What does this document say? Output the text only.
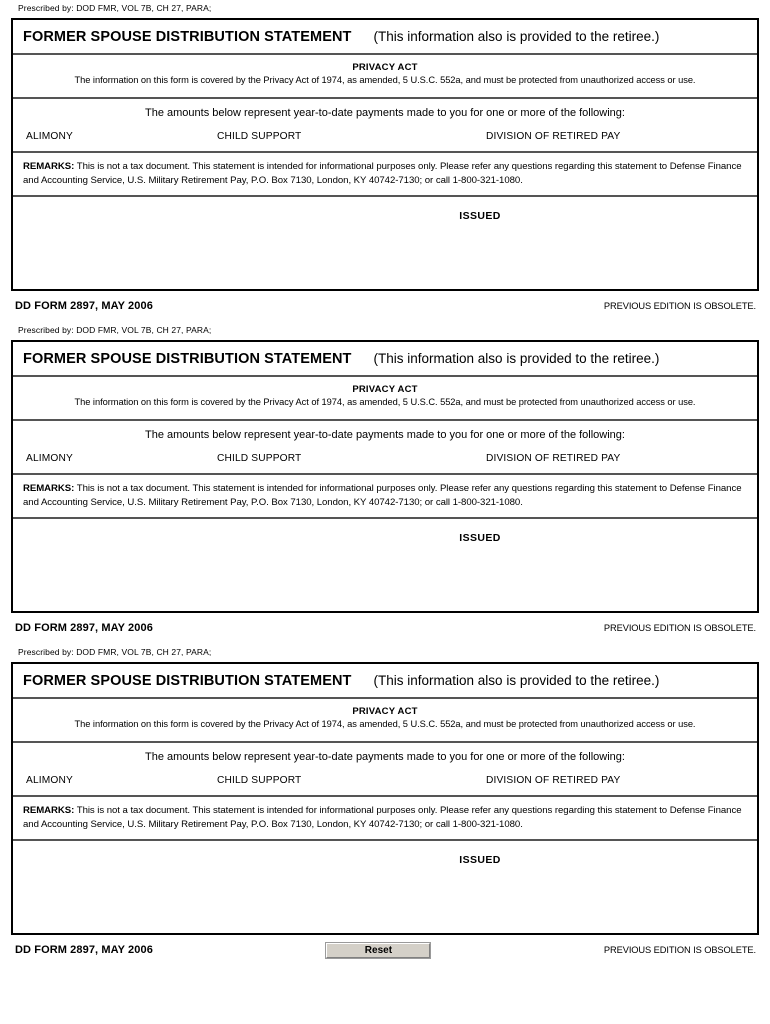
Prescribed by: DOD FMR, VOL 7B, CH 27, PARA;
FORMER SPOUSE DISTRIBUTION STATEMENT (This information also is provided to the retiree.)
PRIVACY ACT
The information on this form is covered by the Privacy Act of 1974, as amended, 5 U.S.C. 552a, and must be protected from unauthorized access or use.
The amounts below represent year-to-date payments made to you for one or more of the following:
ALIMONY	CHILD SUPPORT	DIVISION OF RETIRED PAY
REMARKS: This is not a tax document. This statement is intended for informational purposes only. Please refer any questions regarding this statement to Defense Finance and Accounting Service, U.S. Military Retirement Pay, P.O. Box 7130, London, KY 40742-7130; or call 1-800-321-1080.
ISSUED
DD FORM 2897, MAY 2006	PREVIOUS EDITION IS OBSOLETE.
Prescribed by: DOD FMR, VOL 7B, CH 27, PARA;
FORMER SPOUSE DISTRIBUTION STATEMENT (This information also is provided to the retiree.)
PRIVACY ACT
The information on this form is covered by the Privacy Act of 1974, as amended, 5 U.S.C. 552a, and must be protected from unauthorized access or use.
The amounts below represent year-to-date payments made to you for one or more of the following:
ALIMONY	CHILD SUPPORT	DIVISION OF RETIRED PAY
REMARKS: This is not a tax document. This statement is intended for informational purposes only. Please refer any questions regarding this statement to Defense Finance and Accounting Service, U.S. Military Retirement Pay, P.O. Box 7130, London, KY 40742-7130; or call 1-800-321-1080.
ISSUED
DD FORM 2897, MAY 2006	PREVIOUS EDITION IS OBSOLETE.
Prescribed by: DOD FMR, VOL 7B, CH 27, PARA;
FORMER SPOUSE DISTRIBUTION STATEMENT (This information also is provided to the retiree.)
PRIVACY ACT
The information on this form is covered by the Privacy Act of 1974, as amended, 5 U.S.C. 552a, and must be protected from unauthorized access or use.
The amounts below represent year-to-date payments made to you for one or more of the following:
ALIMONY	CHILD SUPPORT	DIVISION OF RETIRED PAY
REMARKS: This is not a tax document. This statement is intended for informational purposes only. Please refer any questions regarding this statement to Defense Finance and Accounting Service, U.S. Military Retirement Pay, P.O. Box 7130, London, KY 40742-7130; or call 1-800-321-1080.
ISSUED
DD FORM 2897, MAY 2006	Reset	PREVIOUS EDITION IS OBSOLETE.
